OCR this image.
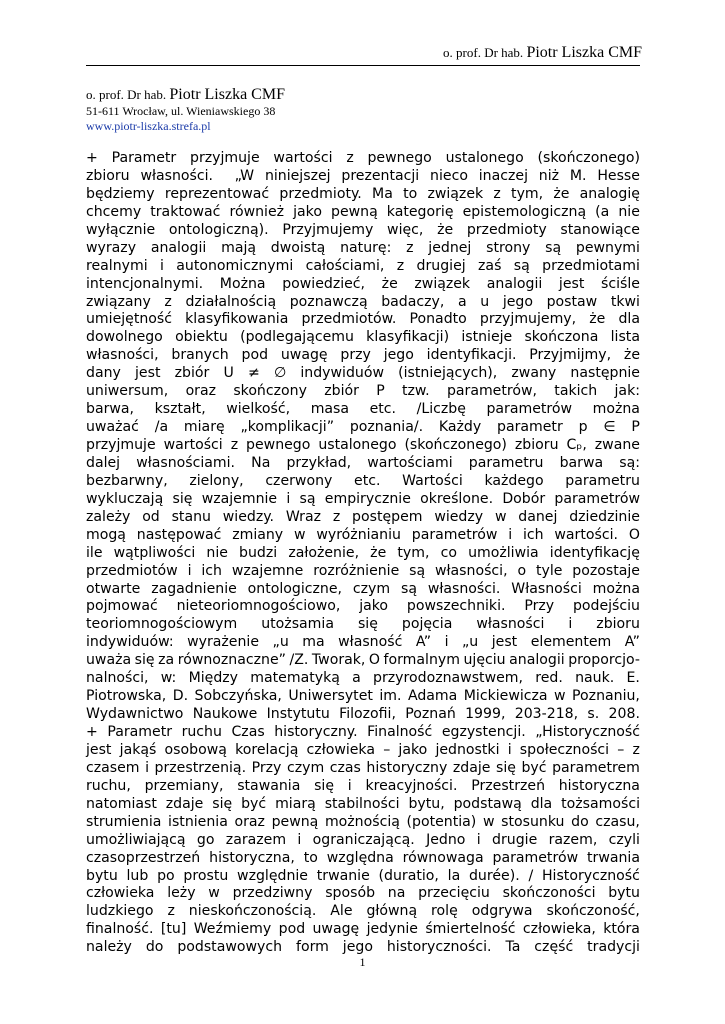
o. prof. Dr hab. Piotr Liszka CMF
o. prof. Dr hab. Piotr Liszka CMF
51-611 Wrocław, ul. Wieniawskiego 38
www.piotr-liszka.strefa.pl
+ Parametr przyjmuje wartości z pewnego ustalonego (skończonego)
zbioru własności. „W niniejszej prezentacji nieco inaczej niż M. Hesse
będziemy reprezentować przedmioty. Ma to związek z tym, że analogię
chcemy traktować również jako pewną kategorię epistemologiczną (a nie
wyłącznie ontologiczną). Przyjmujemy więc, że przedmioty stanowiące
wyrazy analogii mają dwoistą naturę: z jednej strony są pewnymi
realnymi i autonomicznymi całościami, z drugiej zaś są przedmiotami
intencjonalnymi. Można powiedzieć, że związek analogii jest ściśle
związany z działalnością poznawczą badaczy, a u jego postaw tkwi
umiejętność klasyfikowania przedmiotów. Ponadto przyjmujemy, że dla
dowolnego obiektu (podlegającemu klasyfikacji) istnieje skończona lista
własności, branych pod uwagę przy jego identyfikacji. Przyjmijmy, że
dany jest zbiór U ≠ ∅ indywiduów (istniejących), zwany następnie
uniwersum, oraz skończony zbiór P tzw. parametrów, takich jak:
barwa, kształt, wielkość, masa etc. /Liczbę parametrów można
uważać /a miarę „komplikacji” poznania/. Każdy parametr p ∈ P
przyjmuje wartości z pewnego ustalonego (skończonego) zbioru Cₚ, zwane
dalej własnościami. Na przykład, wartościami parametru barwa są:
bezbarwny, zielony, czerwony etc. Wartości każdego parametru
wykluczają się wzajemnie i są empirycznie określone. Dobór parametrów
zależy od stanu wiedzy. Wraz z postępem wiedzy w danej dziedzinie
mogą następować zmiany w wyróżnianiu parametrów i ich wartości. O
ile wątpliwości nie budzi założenie, że tym, co umożliwia identyfikację
przedmiotów i ich wzajemne rozróżnienie są własności, o tyle pozostaje
otwarte zagadnienie ontologiczne, czym są własności. Własności można
pojmować nieteoriomnogościowo, jako powszechniki. Przy podejściu
teoriomnogościowym utożsamia się pojęcia własności i zbioru
indywiduów: wyrażenie „u ma własność A” i „u jest elementem A”
uważa się za równoznaczne” /Z. Tworak, O formalnym ujęciu analogii proporcjo-
nalności, w: Między matematyką a przyrodoznawstwem, red. nauk. E.
Piotrowska, D. Sobczyńska, Uniwersytet im. Adama Mickiewicza w Poznaniu,
Wydawnictwo Naukowe Instytutu Filozofii, Poznań 1999, 203-218, s. 208.
+ Parametr ruchu Czas historyczny. Finalność egzystencji. „Historyczność
jest jakąś osobową korelacją człowieka – jako jednostki i społeczności – z
czasem i przestrzenią. Przy czym czas historyczny zdaje się być parametrem
ruchu, przemiany, stawania się i kreacyjności. Przestrzeń historyczna
natomiast zdaje się być miarą stabilności bytu, podstawą dla tożsamości
strumienia istnienia oraz pewną możnością (potentia) w stosunku do czasu,
umożliwiającą go zarazem i ograniczającą. Jedno i drugie razem, czyli
czasoprzestrzeń historyczna, to względna równowaga parametrów trwania
bytu lub po prostu względnie trwanie (duratio, la durée). / Historyczność
człowieka leży w przedziwny sposób na przecięciu skończoności bytu
ludzkiego z nieskończonością. Ale główną rolę odgrywa skończoność,
finalność. [tu] Weźmiemy pod uwagę jedynie śmiertelność człowieka, która
należy do podstawowych form jego historyczności. Ta część tradycji
1
